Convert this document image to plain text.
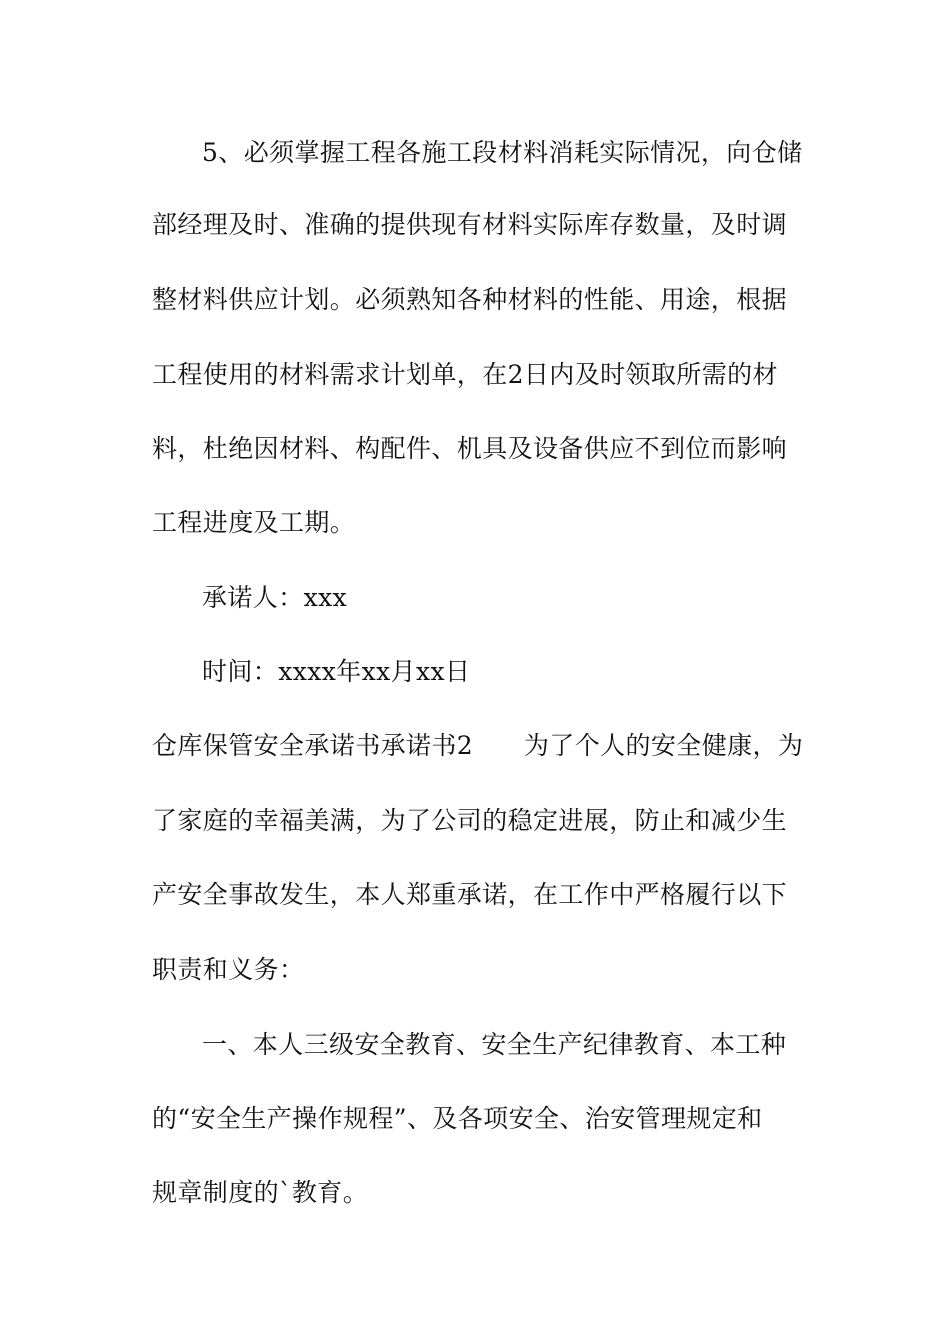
5、必须掌握工程各施工段材料消耗实际情况，向仓储
部经理及时、准确的提供现有材料实际库存数量，及时调
整材料供应计划。必须熟知各种材料的性能、用途，根据
工程使用的材料需求计划单，在2日内及时领取所需的材
料，杜绝因材料、构配件、机具及设备供应不到位而影响
工程进度及工期。
承诺人：xxx
时间：xxxx年xx月xx日
仓库保管安全承诺书承诺书2　　为了个人的安全健康，为
了家庭的幸福美满，为了公司的稳定进展，防止和减少生
产安全事故发生，本人郑重承诺，在工作中严格履行以下
职责和义务：
一、本人三级安全教育、安全生产纪律教育、本工种
的“安全生产操作规程”、及各项安全、治安管理规定和
规章制度的`教育。
